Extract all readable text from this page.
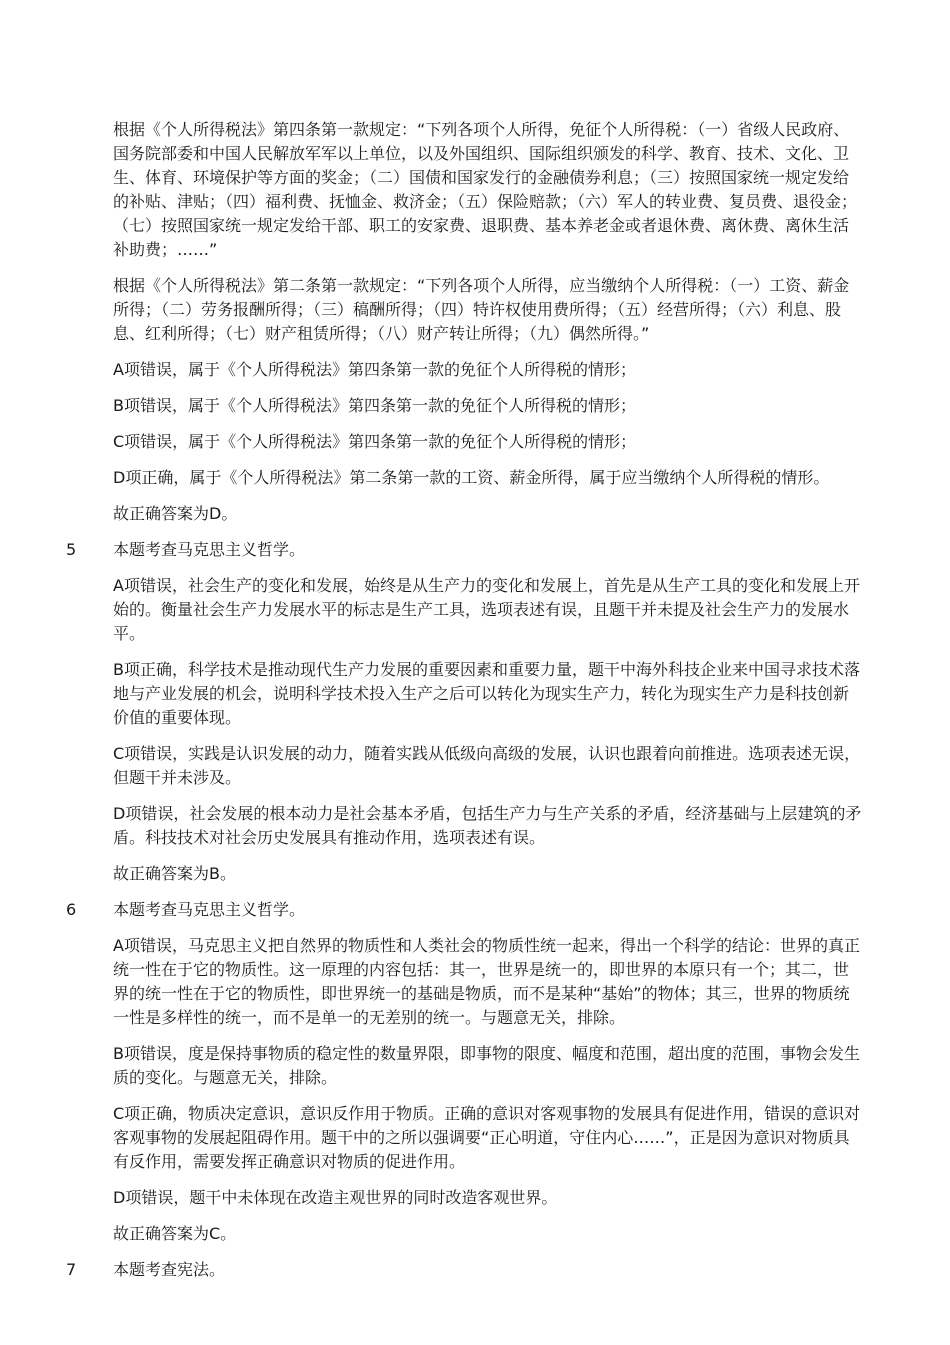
根据《个人所得税法》第四条第一款规定：“下列各项个人所得，免征个人所得税：（一）省级人民政府、国务院部委和中国人民解放军军以上单位，以及外国组织、国际组织颁发的科学、教育、技术、文化、卫生、体育、环境保护等方面的奖金；（二）国债和国家发行的金融债券利息；（三）按照国家统一规定发给的补贴、津贴；（四）福利费、抚恤金、救济金；（五）保险赔款；（六）军人的转业费、复员费、退役金；（七）按照国家统一规定发给干部、职工的安家费、退职费、基本养老金或者退休费、离休费、离休生活补助费；……”

根据《个人所得税法》第二条第一款规定：“下列各项个人所得，应当缴纳个人所得税：（一）工资、薪金所得；（二）劳务报酬所得；（三）稿酬所得；（四）特许权使用费所得；（五）经营所得；（六）利息、股息、红利所得；（七）财产租赁所得；（八）财产转让所得；（九）偶然所得。”

A项错误，属于《个人所得税法》第四条第一款的免征个人所得税的情形；

B项错误，属于《个人所得税法》第四条第一款的免征个人所得税的情形；

C项错误，属于《个人所得税法》第四条第一款的免征个人所得税的情形；

D项正确，属于《个人所得税法》第二条第一款的工资、薪金所得，属于应当缴纳个人所得税的情形。

故正确答案为D。

5	本题考查马克思主义哲学。

A项错误，社会生产的变化和发展，始终是从生产力的变化和发展上，首先是从生产工具的变化和发展上开始的。衡量社会生产力发展水平的标志是生产工具，选项表述有误，且题干并未提及社会生产力的发展水平。

B项正确，科学技术是推动现代生产力发展的重要因素和重要力量，题干中海外科技企业来中国寻求技术落地与产业发展的机会，说明科学技术投入生产之后可以转化为现实生产力，转化为现实生产力是科技创新价值的重要体现。

C项错误，实践是认识发展的动力，随着实践从低级向高级的发展，认识也跟着向前推进。选项表述无误，但题干并未涉及。

D项错误，社会发展的根本动力是社会基本矛盾，包括生产力与生产关系的矛盾，经济基础与上层建筑的矛盾。科技技术对社会历史发展具有推动作用，选项表述有误。

故正确答案为B。

6	本题考查马克思主义哲学。

A项错误，马克思主义把自然界的物质性和人类社会的物质性统一起来，得出一个科学的结论：世界的真正统一性在于它的物质性。这一原理的内容包括：其一，世界是统一的，即世界的本原只有一个；其二，世界的统一性在于它的物质性，即世界统一的基础是物质，而不是某种“基始”的物体；其三，世界的物质统一性是多样性的统一，而不是单一的无差别的统一。与题意无关，排除。

B项错误，度是保持事物质的稳定性的数量界限，即事物的限度、幅度和范围，超出度的范围，事物会发生质的变化。与题意无关，排除。

C项正确，物质决定意识，意识反作用于物质。正确的意识对客观事物的发展具有促进作用，错误的意识对客观事物的发展起阻碍作用。题干中的之所以强调要“正心明道，守住内心……”，正是因为意识对物质具有反作用，需要发挥正确意识对物质的促进作用。

D项错误，题干中未体现在改造主观世界的同时改造客观世界。

故正确答案为C。

7	本题考查宪法。
